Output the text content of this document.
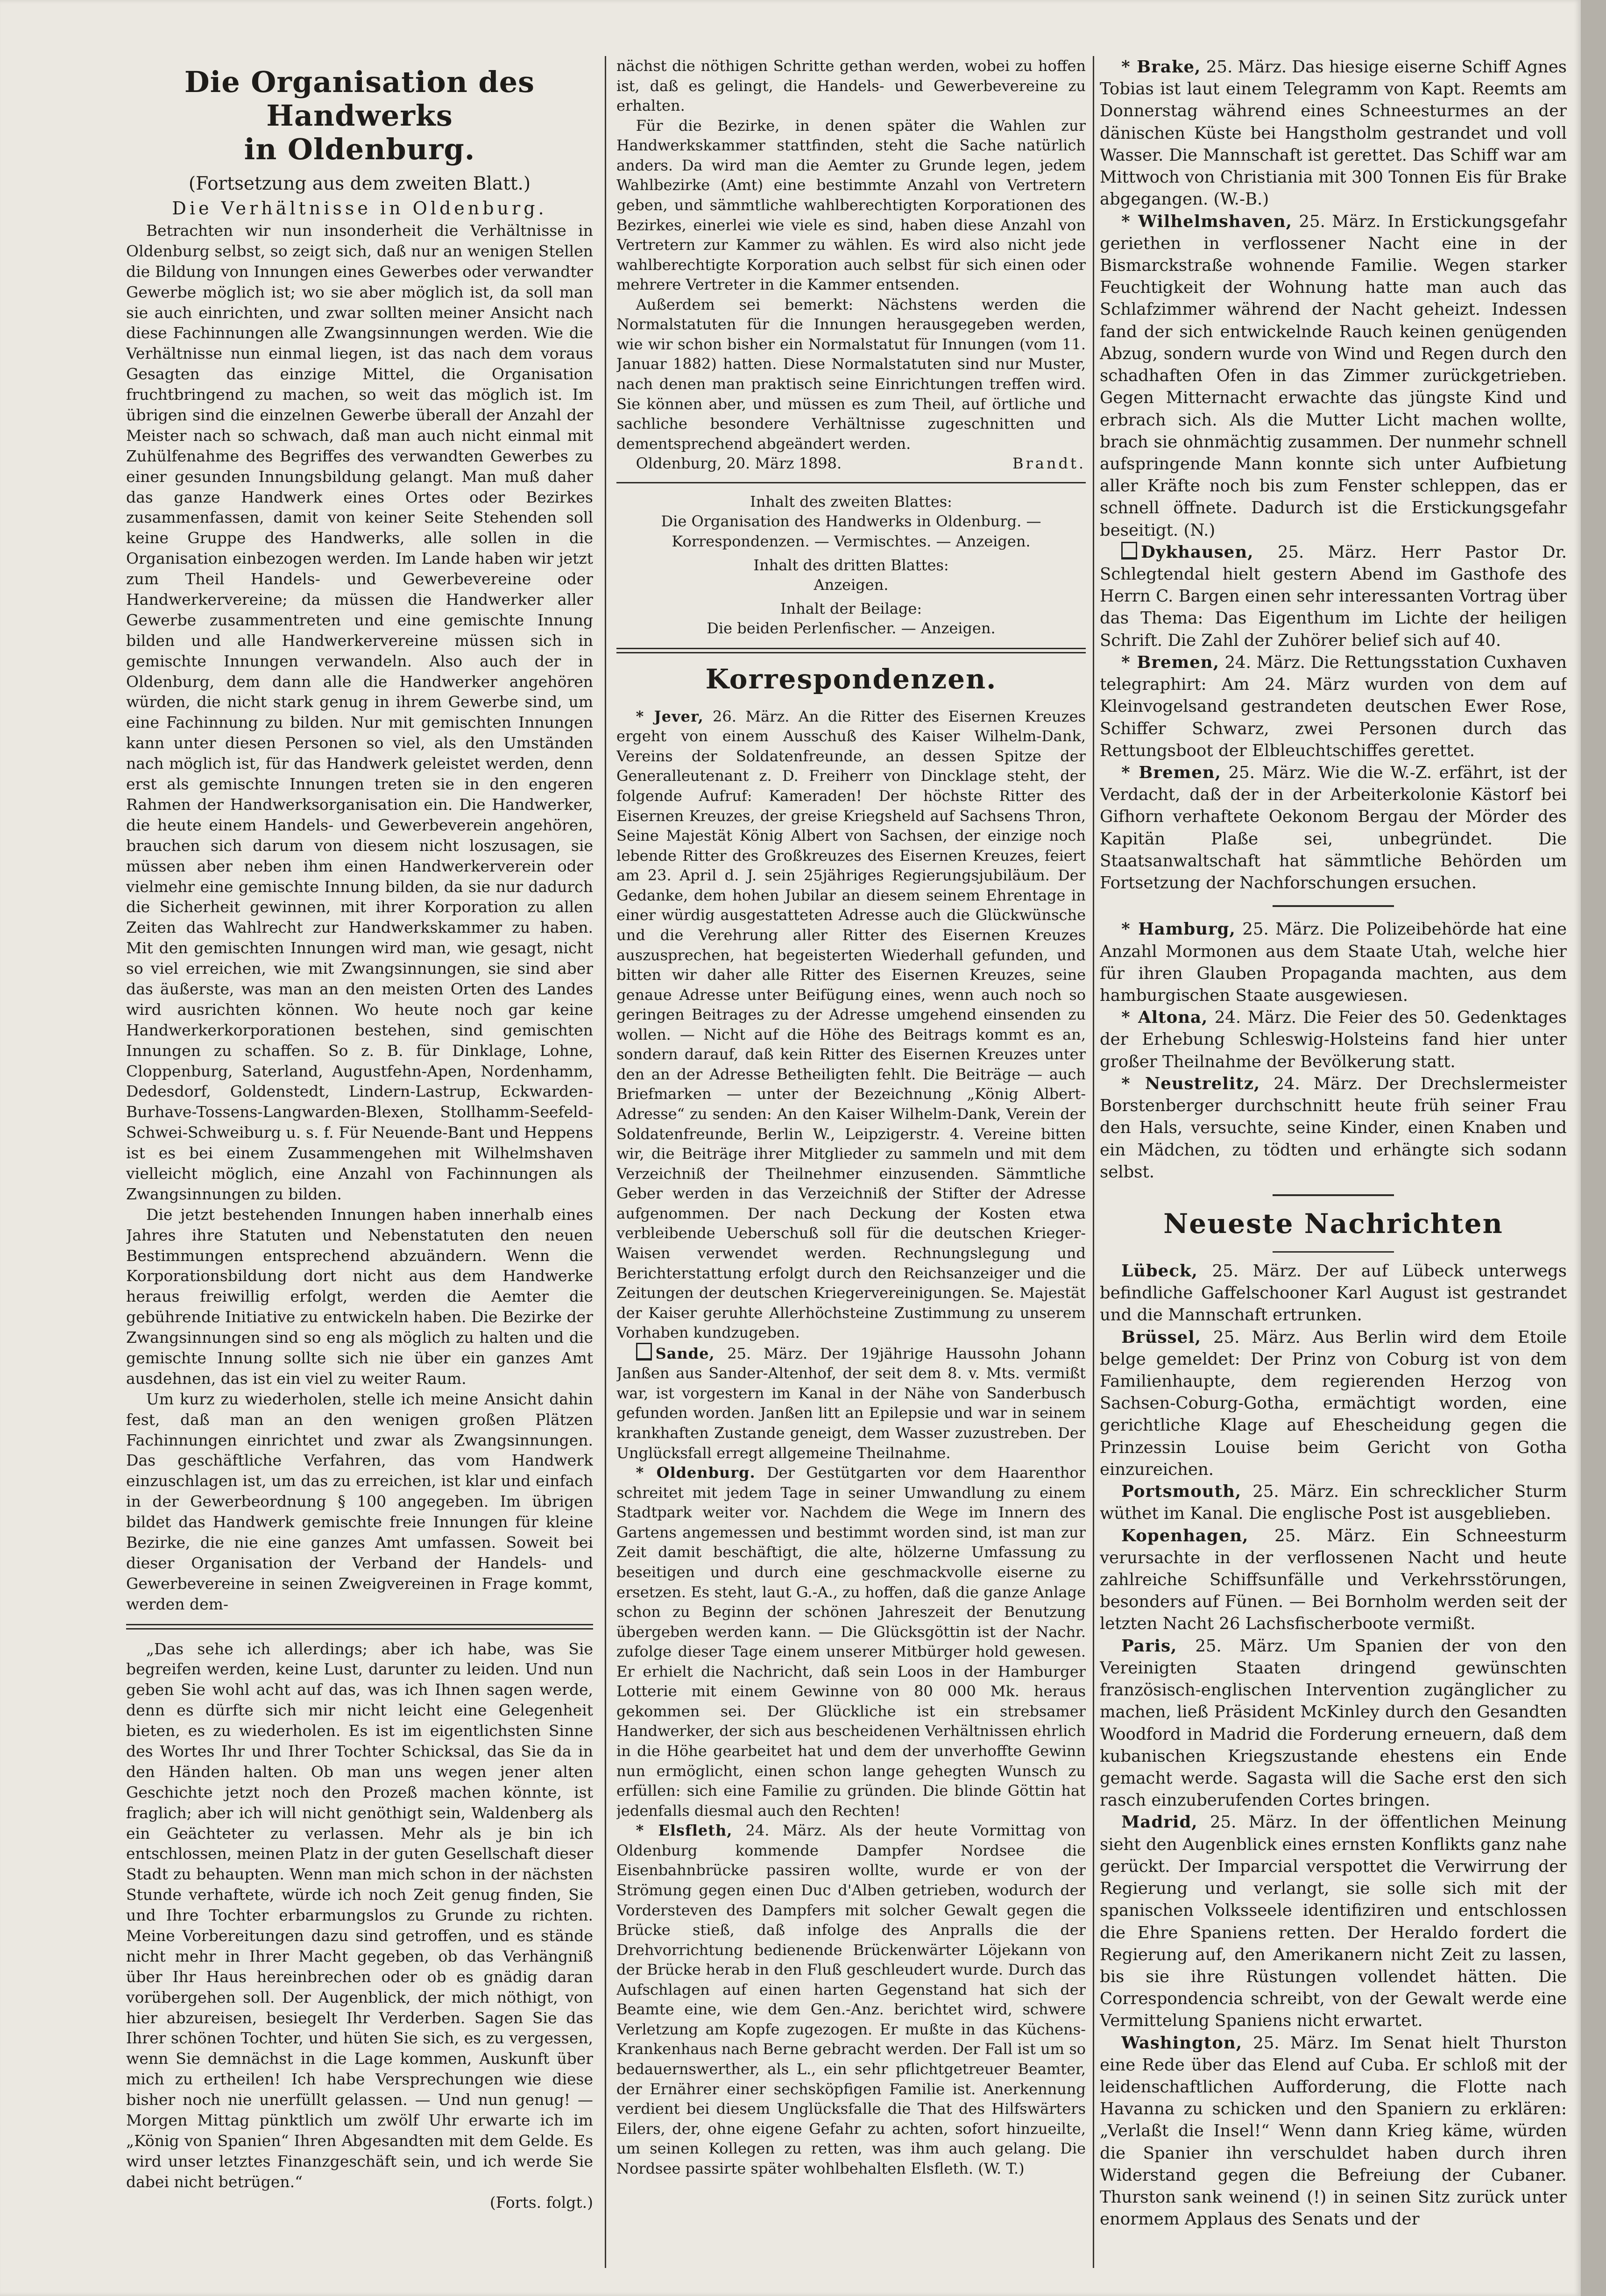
Die Organisation des Handwerks
in Oldenburg.
(Fortsetzung aus dem zweiten Blatt.)
Die Verhältnisse in Oldenburg.

Betrachten wir nun insonderheit die Verhältnisse in Oldenburg selbst, so zeigt sich, daß nur an wenigen Stellen die Bildung von Innungen eines Gewerbes oder verwandter Gewerbe möglich ist; wo sie aber möglich ist, da soll man sie auch einrichten, und zwar sollten meiner Ansicht nach diese Fachinnungen alle Zwangsinnungen werden. Wie die Verhältnisse nun einmal liegen, ist das nach dem voraus Gesagten das einzige Mittel, die Organisation fruchtbringend zu machen, so weit das möglich ist. Im übrigen sind die einzelnen Gewerbe überall der Anzahl der Meister nach so schwach, daß man auch nicht einmal mit Zuhülfenahme des Begriffes des verwandten Gewerbes zu einer gesunden Innungsbildung gelangt. Man muß daher das ganze Handwerk eines Ortes oder Bezirkes zusammenfassen, damit von keiner Seite Stehenden soll keine Gruppe des Handwerks, alle sollen in die Organisation einbezogen werden. Im Lande haben wir jetzt zum Theil Handels- und Gewerbevereine oder Handwerkervereine; da müssen die Handwerker aller Gewerbe zusammentreten und eine gemischte Innung bilden und alle Handwerkervereine müssen sich in gemischte Innungen verwandeln. Also auch der in Oldenburg, dem dann alle die Handwerker angehören würden, die nicht stark genug in ihrem Gewerbe sind, um eine Fachinnung zu bilden. Nur mit gemischten Innungen kann unter diesen Personen so viel, als den Umständen nach möglich ist, für das Handwerk geleistet werden, denn erst als gemischte Innungen treten sie in den engeren Rahmen der Handwerksorganisation ein. Die Handwerker, die heute einem Handels- und Gewerbeverein angehören, brauchen sich darum von diesem nicht loszusagen, sie müssen aber neben ihm einen Handwerkerverein oder vielmehr eine gemischte Innung bilden, da sie nur dadurch die Sicherheit gewinnen, mit ihrer Korporation zu allen Zeiten das Wahlrecht zur Handwerkskammer zu haben. Mit den gemischten Innungen wird man, wie gesagt, nicht so viel erreichen, wie mit Zwangsinnungen, sie sind aber das äußerste, was man an den meisten Orten des Landes wird ausrichten können. Wo heute noch gar keine Handwerkerkorporationen bestehen, sind gemischten Innungen zu schaffen. So z. B. für Dinklage, Lohne, Cloppenburg, Saterland, Augustfehn-Apen, Nordenhamm, Dedesdorf, Goldenstedt, Lindern-Lastrup, Eckwarden-Burhave-Tossens-Langwarden-Blexen, Stollhamm-Seefeld-Schwei-Schweiburg u. s. f. Für Neuende-Bant und Heppens ist es bei einem Zusammengehen mit Wilhelmshaven vielleicht möglich, eine Anzahl von Fachinnungen als Zwangsinnungen zu bilden.

Die jetzt bestehenden Innungen haben innerhalb eines Jahres ihre Statuten und Nebenstatuten den neuen Bestimmungen entsprechend abzuändern. Wenn die Korporationsbildung dort nicht aus dem Handwerke heraus freiwillig erfolgt, werden die Aemter die gebührende Initiative zu entwickeln haben. Die Bezirke der Zwangsinnungen sind so eng als möglich zu halten und die gemischte Innung sollte sich nie über ein ganzes Amt ausdehnen, das ist ein viel zu weiter Raum.

Um kurz zu wiederholen, stelle ich meine Ansicht dahin fest, daß man an den wenigen großen Plätzen Fachinnungen einrichtet und zwar als Zwangsinnungen. Das geschäftliche Verfahren, das vom Handwerk einzuschlagen ist, um das zu erreichen, ist klar und einfach in der Gewerbeordnung § 100 angegeben. Im übrigen bildet das Handwerk gemischte freie Innungen für kleine Bezirke, die nie eine ganzes Amt umfassen. Soweit bei dieser Organisation der Verband der Handels- und Gewerbevereine in seinen Zweigvereinen in Frage kommt, werden dem-

„Das sehe ich allerdings; aber ich habe, was Sie begreifen werden, keine Lust, darunter zu leiden. Und nun geben Sie wohl acht auf das, was ich Ihnen sagen werde, denn es dürfte sich mir nicht leicht eine Gelegenheit bieten, es zu wiederholen. Es ist im eigentlichsten Sinne des Wortes Ihr und Ihrer Tochter Schicksal, das Sie da in den Händen halten. Ob man uns wegen jener alten Geschichte jetzt noch den Prozeß machen könnte, ist fraglich; aber ich will nicht genöthigt sein, Waldenberg als ein Geächteter zu verlassen. Mehr als je bin ich entschlossen, meinen Platz in der guten Gesellschaft dieser Stadt zu behaupten. Wenn man mich schon in der nächsten Stunde verhaftete, würde ich noch Zeit genug finden, Sie und Ihre Tochter erbarmungslos zu Grunde zu richten. Meine Vorbereitungen dazu sind getroffen, und es stände nicht mehr in Ihrer Macht gegeben, ob das Verhängniß über Ihr Haus hereinbrechen oder ob es gnädig daran vorübergehen soll. Der Augenblick, der mich nöthigt, von hier abzureisen, besiegelt Ihr Verderben. Sagen Sie das Ihrer schönen Tochter, und hüten Sie sich, es zu vergessen, wenn Sie demnächst in die Lage kommen, Auskunft über mich zu ertheilen! Ich habe Versprechungen wie diese bisher noch nie unerfüllt gelassen. — Und nun genug! — Morgen Mittag pünktlich um zwölf Uhr erwarte ich im „König von Spanien“ Ihren Abgesandten mit dem Gelde. Es wird unser letztes Finanzgeschäft sein, und ich werde Sie dabei nicht betrügen.“

(Forts. folgt.)

nächst die nöthigen Schritte gethan werden, wobei zu hoffen ist, daß es gelingt, die Handels- und Gewerbevereine zu erhalten.

Für die Bezirke, in denen später die Wahlen zur Handwerkskammer stattfinden, steht die Sache natürlich anders. Da wird man die Aemter zu Grunde legen, jedem Wahlbezirke (Amt) eine bestimmte Anzahl von Vertretern geben, und sämmtliche wahlberechtigten Korporationen des Bezirkes, einerlei wie viele es sind, haben diese Anzahl von Vertretern zur Kammer zu wählen. Es wird also nicht jede wahlberechtigte Korporation auch selbst für sich einen oder mehrere Vertreter in die Kammer entsenden.

Außerdem sei bemerkt: Nächstens werden die Normalstatuten für die Innungen herausgegeben werden, wie wir schon bisher ein Normalstatut für Innungen (vom 11. Januar 1882) hatten. Diese Normalstatuten sind nur Muster, nach denen man praktisch seine Einrichtungen treffen wird. Sie können aber, und müssen es zum Theil, auf örtliche und sachliche besondere Verhältnisse zugeschnitten und dementsprechend abgeändert werden.

Oldenburg, 20. März 1898.	Brandt.
Inhalt des zweiten Blattes:
Die Organisation des Handwerks in Oldenburg. — Korrespondenzen. — Vermischtes. — Anzeigen.
Inhalt des dritten Blattes:
Anzeigen.
Inhalt der Beilage:
Die beiden Perlenfischer. — Anzeigen.
Korrespondenzen.

* Jever, 26. März. An die Ritter des Eisernen Kreuzes ergeht von einem Ausschuß des Kaiser Wilhelm-Dank, Vereins der Soldatenfreunde, an dessen Spitze der Generalleutenant z. D. Freiherr von Dincklage steht, der folgende Aufruf: Kameraden! Der höchste Ritter des Eisernen Kreuzes, der greise Kriegsheld auf Sachsens Thron, Seine Majestät König Albert von Sachsen, der einzige noch lebende Ritter des Großkreuzes des Eisernen Kreuzes, feiert am 23. April d. J. sein 25jähriges Regierungsjubiläum. Der Gedanke, dem hohen Jubilar an diesem seinem Ehrentage in einer würdig ausgestatteten Adresse auch die Glückwünsche und die Verehrung aller Ritter des Eisernen Kreuzes auszusprechen, hat begeisterten Wiederhall gefunden, und bitten wir daher alle Ritter des Eisernen Kreuzes, seine genaue Adresse unter Beifügung eines, wenn auch noch so geringen Beitrages zu der Adresse umgehend einsenden zu wollen. — Nicht auf die Höhe des Beitrags kommt es an, sondern darauf, daß kein Ritter des Eisernen Kreuzes unter den an der Adresse Betheiligten fehlt. Die Beiträge — auch Briefmarken — unter der Bezeichnung „König Albert-Adresse“ zu senden: An den Kaiser Wilhelm-Dank, Verein der Soldatenfreunde, Berlin W., Leipzigerstr. 4. Vereine bitten wir, die Beiträge ihrer Mitglieder zu sammeln und mit dem Verzeichniß der Theilnehmer einzusenden. Sämmtliche Geber werden in das Verzeichniß der Stifter der Adresse aufgenommen. Der nach Deckung der Kosten etwa verbleibende Ueberschuß soll für die deutschen Krieger-Waisen verwendet werden. Rechnungslegung und Berichterstattung erfolgt durch den Reichsanzeiger und die Zeitungen der deutschen Kriegervereinigungen. Se. Majestät der Kaiser geruhte Allerhöchsteine Zustimmung zu unserem Vorhaben kundzugeben.

Sande, 25. März. Der 19jährige Haussohn Johann Janßen aus Sander-Altenhof, der seit dem 8. v. Mts. vermißt war, ist vorgestern im Kanal in der Nähe von Sanderbusch gefunden worden. Janßen litt an Epilepsie und war in seinem krankhaften Zustande geneigt, dem Wasser zuzustreben. Der Unglücksfall erregt allgemeine Theilnahme.

* Oldenburg. Der Gestütgarten vor dem Haarenthor schreitet mit jedem Tage in seiner Umwandlung zu einem Stadtpark weiter vor. Nachdem die Wege im Innern des Gartens angemessen und bestimmt worden sind, ist man zur Zeit damit beschäftigt, die alte, hölzerne Umfassung zu beseitigen und durch eine geschmackvolle eiserne zu ersetzen. Es steht, laut G.-A., zu hoffen, daß die ganze Anlage schon zu Beginn der schönen Jahreszeit der Benutzung übergeben werden kann. — Die Glücksgöttin ist der Nachr. zufolge dieser Tage einem unserer Mitbürger hold gewesen. Er erhielt die Nachricht, daß sein Loos in der Hamburger Lotterie mit einem Gewinne von 80 000 Mk. heraus gekommen sei. Der Glückliche ist ein strebsamer Handwerker, der sich aus bescheidenen Verhältnissen ehrlich in die Höhe gearbeitet hat und dem der unverhoffte Gewinn nun ermöglicht, einen schon lange gehegten Wunsch zu erfüllen: sich eine Familie zu gründen. Die blinde Göttin hat jedenfalls diesmal auch den Rechten!

* Elsfleth, 24. März. Als der heute Vormittag von Oldenburg kommende Dampfer Nordsee die Eisenbahnbrücke passiren wollte, wurde er von der Strömung gegen einen Duc d'Alben getrieben, wodurch der Vordersteven des Dampfers mit solcher Gewalt gegen die Brücke stieß, daß infolge des Anpralls die der Drehvorrichtung bedienende Brückenwärter Löjekann von der Brücke herab in den Fluß geschleudert wurde. Durch das Aufschlagen auf einen harten Gegenstand hat sich der Beamte eine, wie dem Gen.-Anz. berichtet wird, schwere Verletzung am Kopfe zugezogen. Er mußte in das Küchens-Krankenhaus nach Berne gebracht werden. Der Fall ist um so bedauernswerther, als L., ein sehr pflichtgetreuer Beamter, der Ernährer einer sechsköpfigen Familie ist. Anerkennung verdient bei diesem Unglücksfalle die That des Hilfswärters Eilers, der, ohne eigene Gefahr zu achten, sofort hinzueilte, um seinen Kollegen zu retten, was ihm auch gelang. Die Nordsee passirte später wohlbehalten Elsfleth. (W. T.)

* Brake, 25. März. Das hiesige eiserne Schiff Agnes Tobias ist laut einem Telegramm von Kapt. Reemts am Donnerstag während eines Schneesturmes an der dänischen Küste bei Hangstholm gestrandet und voll Wasser. Die Mannschaft ist gerettet. Das Schiff war am Mittwoch von Christiania mit 300 Tonnen Eis für Brake abgegangen. (W.-B.)

* Wilhelmshaven, 25. März. In Erstickungsgefahr geriethen in verflossener Nacht eine in der Bismarckstraße wohnende Familie. Wegen starker Feuchtigkeit der Wohnung hatte man auch das Schlafzimmer während der Nacht geheizt. Indessen fand der sich entwickelnde Rauch keinen genügenden Abzug, sondern wurde von Wind und Regen durch den schadhaften Ofen in das Zimmer zurückgetrieben. Gegen Mitternacht erwachte das jüngste Kind und erbrach sich. Als die Mutter Licht machen wollte, brach sie ohnmächtig zusammen. Der nunmehr schnell aufspringende Mann konnte sich unter Aufbietung aller Kräfte noch bis zum Fenster schleppen, das er schnell öffnete. Dadurch ist die Erstickungsgefahr beseitigt. (N.)

Dykhausen, 25. März. Herr Pastor Dr. Schlegtendal hielt gestern Abend im Gasthofe des Herrn C. Bargen einen sehr interessanten Vortrag über das Thema: Das Eigenthum im Lichte der heiligen Schrift. Die Zahl der Zuhörer belief sich auf 40.

* Bremen, 24. März. Die Rettungsstation Cuxhaven telegraphirt: Am 24. März wurden von dem auf Kleinvogelsand gestrandeten deutschen Ewer Rose, Schiffer Schwarz, zwei Personen durch das Rettungsboot der Elbleuchtschiffes gerettet.

* Bremen, 25. März. Wie die W.-Z. erfährt, ist der Verdacht, daß der in der Arbeiterkolonie Kästorf bei Gifhorn verhaftete Oekonom Bergau der Mörder des Kapitän Plaße sei, unbegründet. Die Staatsanwaltschaft hat sämmtliche Behörden um Fortsetzung der Nachforschungen ersuchen.

* Hamburg, 25. März. Die Polizeibehörde hat eine Anzahl Mormonen aus dem Staate Utah, welche hier für ihren Glauben Propaganda machten, aus dem hamburgischen Staate ausgewiesen.

* Altona, 24. März. Die Feier des 50. Gedenktages der Erhebung Schleswig-Holsteins fand hier unter großer Theilnahme der Bevölkerung statt.

* Neustrelitz, 24. März. Der Drechslermeister Borstenberger durchschnitt heute früh seiner Frau den Hals, versuchte, seine Kinder, einen Knaben und ein Mädchen, zu tödten und erhängte sich sodann selbst.

Neueste Nachrichten

Lübeck, 25. März. Der auf Lübeck unterwegs befindliche Gaffelschooner Karl August ist gestrandet und die Mannschaft ertrunken.

Brüssel, 25. März. Aus Berlin wird dem Etoile belge gemeldet: Der Prinz von Coburg ist von dem Familienhaupte, dem regierenden Herzog von Sachsen-Coburg-Gotha, ermächtigt worden, eine gerichtliche Klage auf Ehescheidung gegen die Prinzessin Louise beim Gericht von Gotha einzureichen.

Portsmouth, 25. März. Ein schrecklicher Sturm wüthet im Kanal. Die englische Post ist ausgeblieben.

Kopenhagen, 25. März. Ein Schneesturm verursachte in der verflossenen Nacht und heute zahlreiche Schiffsunfälle und Verkehrsstörungen, besonders auf Fünen. — Bei Bornholm werden seit der letzten Nacht 26 Lachsfischerboote vermißt.

Paris, 25. März. Um Spanien der von den Vereinigten Staaten dringend gewünschten französisch-englischen Intervention zugänglicher zu machen, ließ Präsident McKinley durch den Gesandten Woodford in Madrid die Forderung erneuern, daß dem kubanischen Kriegszustande ehestens ein Ende gemacht werde. Sagasta will die Sache erst den sich rasch einzuberufenden Cortes bringen.

Madrid, 25. März. In der öffentlichen Meinung sieht den Augenblick eines ernsten Konflikts ganz nahe gerückt. Der Imparcial verspottet die Verwirrung der Regierung und verlangt, sie solle sich mit der spanischen Volksseele identifiziren und entschlossen die Ehre Spaniens retten. Der Heraldo fordert die Regierung auf, den Amerikanern nicht Zeit zu lassen, bis sie ihre Rüstungen vollendet hätten. Die Correspondencia schreibt, von der Gewalt werde eine Vermittelung Spaniens nicht erwartet.

Washington, 25. März. Im Senat hielt Thurston eine Rede über das Elend auf Cuba. Er schloß mit der leidenschaftlichen Aufforderung, die Flotte nach Havanna zu schicken und den Spaniern zu erklären: „Verlaßt die Insel!“ Wenn dann Krieg käme, würden die Spanier ihn verschuldet haben durch ihren Widerstand gegen die Befreiung der Cubaner. Thurston sank weinend (!) in seinen Sitz zurück unter enormem Applaus des Senats und der
